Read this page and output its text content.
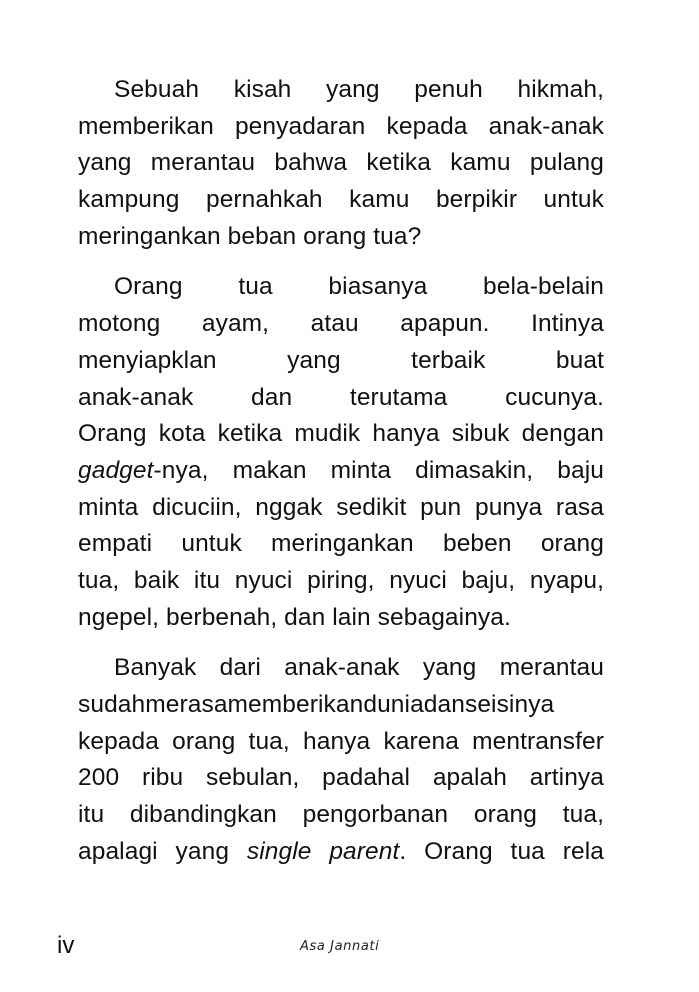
Sebuah kisah yang penuh hikmah,
memberikan penyadaran kepada anak-anak
yang merantau bahwa ketika kamu pulang
kampung pernahkah kamu berpikir untuk
meringankan beban orang tua?
Orang tua biasanya bela-belain
motong ayam, atau apapun. Intinya
menyiapklan yang terbaik buat
anak-anak dan terutama cucunya.
Orang kota ketika mudik hanya sibuk dengan
gadget-nya, makan minta dimasakin, baju
minta dicuciin, nggak sedikit pun punya rasa
empati untuk meringankan beben orang
tua, baik itu nyuci piring, nyuci baju, nyapu,
ngepel, berbenah, dan lain sebagainya.
Banyak dari anak-anak yang merantau
sudahmerasamemberikanduniadanseisinya
kepada orang tua, hanya karena mentransfer
200 ribu sebulan, padahal apalah artinya
itu dibandingkan pengorbanan orang tua,
apalagi yang single parent. Orang tua rela
iv	Asa Jannati
